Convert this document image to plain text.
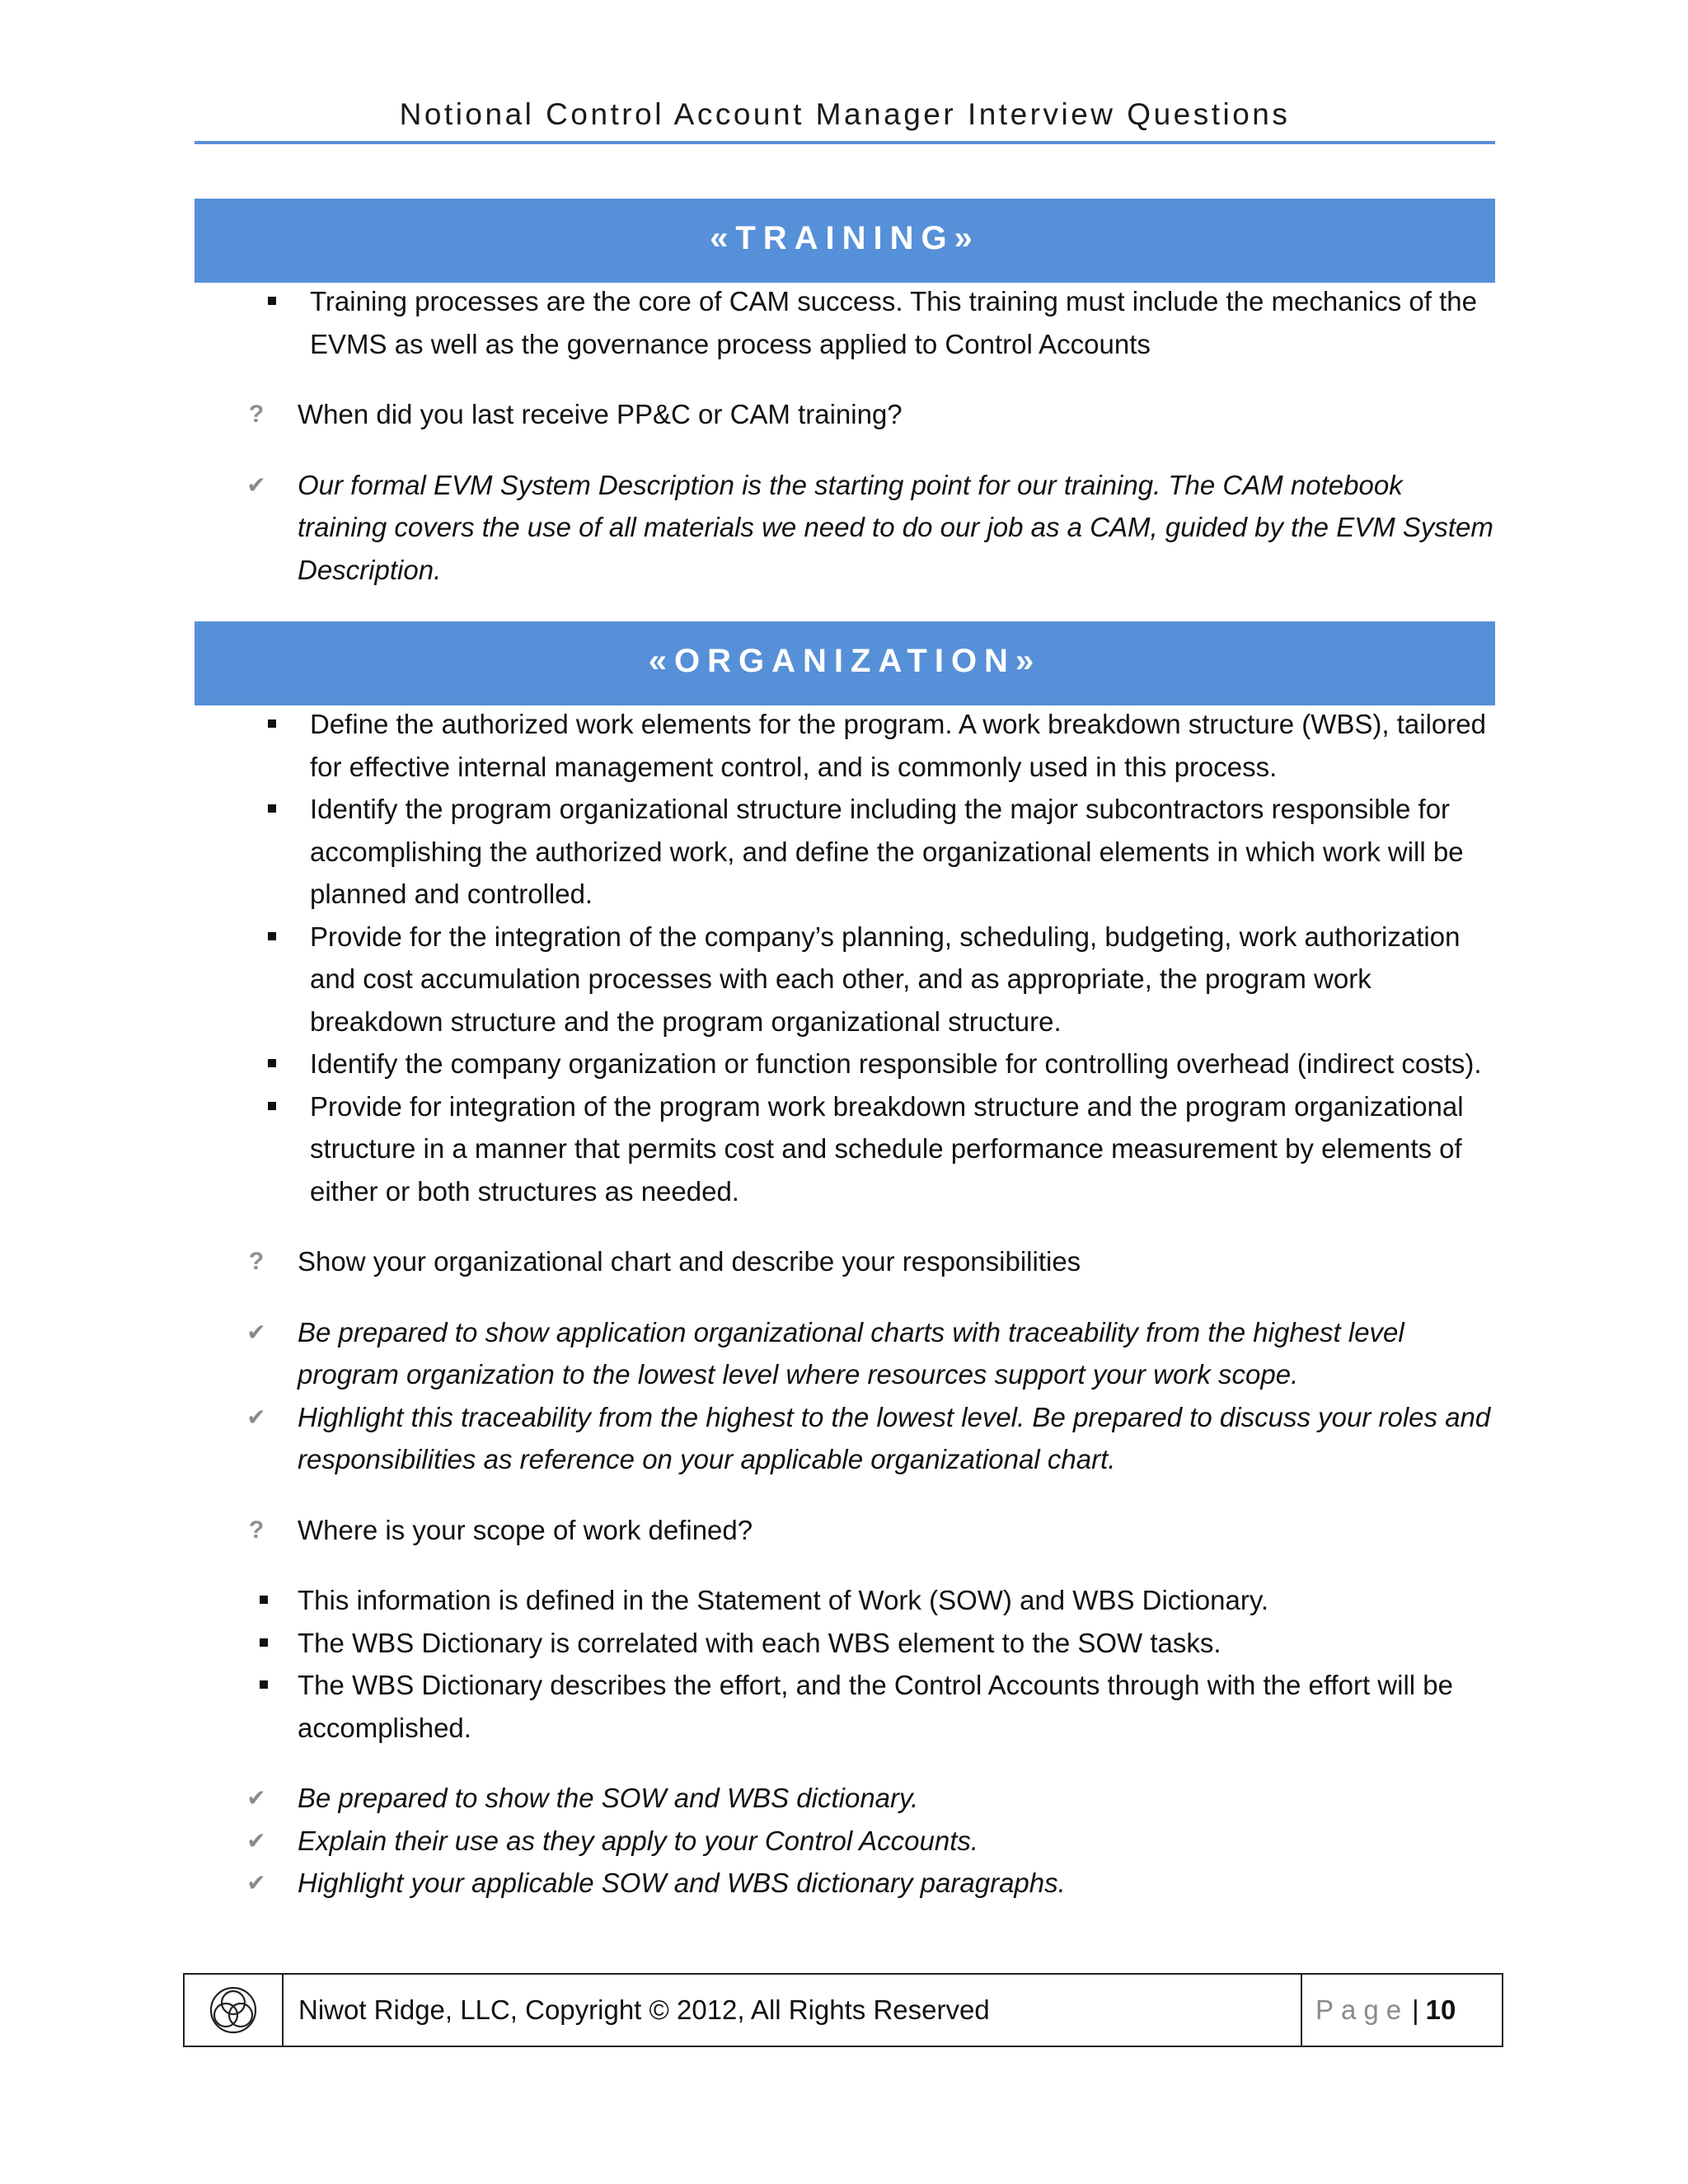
Notional Control Account Manager Interview Questions
«TRAINING»
Training processes are the core of CAM success. This training must include the mechanics of the EVMS as well as the governance process applied to Control Accounts
? When did you last receive PP&C or CAM training?
✔ Our formal EVM System Description is the starting point for our training. The CAM notebook training covers the use of all materials we need to do our job as a CAM, guided by the EVM System Description.
«ORGANIZATION»
Define the authorized work elements for the program. A work breakdown structure (WBS), tailored for effective internal management control, and is commonly used in this process.
Identify the program organizational structure including the major subcontractors responsible for accomplishing the authorized work, and define the organizational elements in which work will be planned and controlled.
Provide for the integration of the company’s planning, scheduling, budgeting, work authorization and cost accumulation processes with each other, and as appropriate, the program work breakdown structure and the program organizational structure.
Identify the company organization or function responsible for controlling overhead (indirect costs).
Provide for integration of the program work breakdown structure and the program organizational structure in a manner that permits cost and schedule performance measurement by elements of either or both structures as needed.
? Show your organizational chart and describe your responsibilities
✔ Be prepared to show application organizational charts with traceability from the highest level program organization to the lowest level where resources support your work scope.
✔ Highlight this traceability from the highest to the lowest level. Be prepared to discuss your roles and responsibilities as reference on your applicable organizational chart.
? Where is your scope of work defined?
This information is defined in the Statement of Work (SOW) and WBS Dictionary.
The WBS Dictionary is correlated with each WBS element to the SOW tasks.
The WBS Dictionary describes the effort, and the Control Accounts through with the effort will be accomplished.
✔ Be prepared to show the SOW and WBS dictionary.
✔ Explain their use as they apply to your Control Accounts.
✔ Highlight your applicable SOW and WBS dictionary paragraphs.
Niwot Ridge, LLC, Copyright © 2012, All Rights Reserved	Page | 10
